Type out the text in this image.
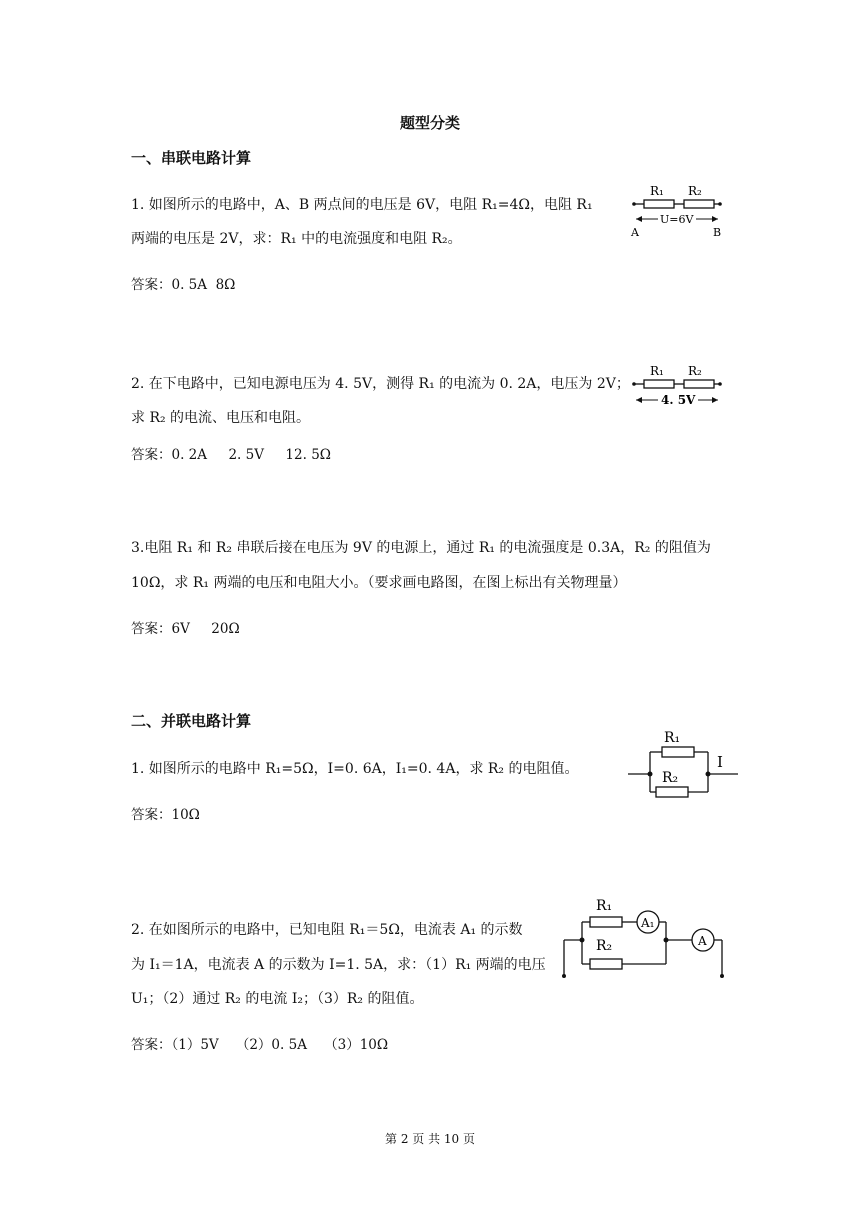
题型分类
一、串联电路计算
1. 如图所示的电路中，A、B 两点间的电压是 6V，电阻 R₁=4Ω，电阻 R₁
两端的电压是 2V，求：R₁ 中的电流强度和电阻 R₂。
答案：0. 5A  8Ω
R₁ R₂
U=6V
A	B
2. 在下电路中，已知电源电压为 4. 5V，测得 R₁ 的电流为 0. 2A，电压为 2V；
求 R₂ 的电流、电压和电阻。
答案：0. 2A     2. 5V     12. 5Ω
R₁ R₂
4. 5V
3.电阻 R₁ 和 R₂ 串联后接在电压为 9V 的电源上，通过 R₁ 的电流强度是 0.3A，R₂ 的阻值为
10Ω，求 R₁ 两端的电压和电阻大小。（要求画电路图，在图上标出有关物理量）
答案：6V     20Ω
二、并联电路计算
1. 如图所示的电路中 R₁=5Ω，I=0. 6A，I₁=0. 4A，求 R₂ 的电阻值。
答案：10Ω
R₁
R₂
I
2. 在如图所示的电路中，已知电阻 R₁＝5Ω，电流表 A₁ 的示数
为 I₁＝1A，电流表 A 的示数为 I=1. 5A，求：（1）R₁ 两端的电压
U₁；（2）通过 R₂ 的电流 I₂；（3）R₂ 的阻值。
答案：（1）5V    （2）0. 5A    （3）10Ω
R₁
A₁
R₂	A
第 2 页 共 10 页
